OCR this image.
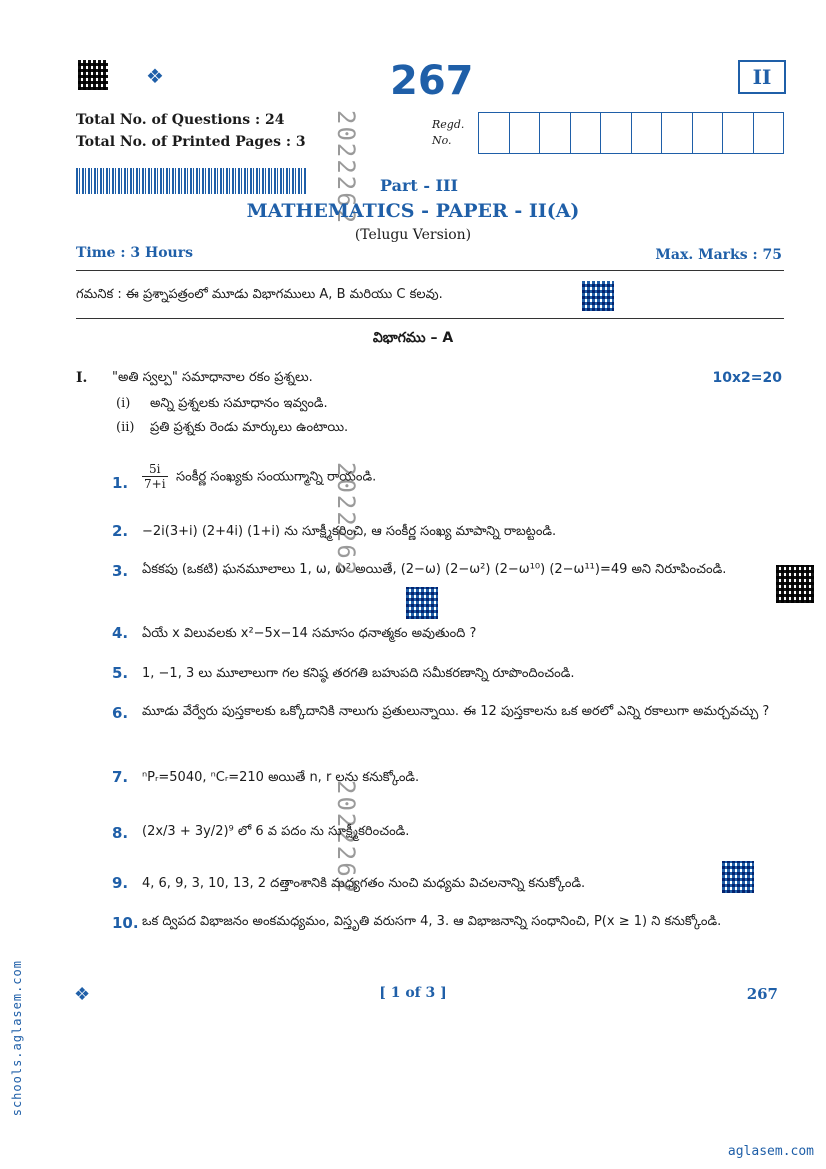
❖	267	II
Total No. of Questions : 24
Total No. of Printed Pages : 3
Regd.
No.
2022262
2022262
2022262
Part - III
MATHEMATICS - PAPER - II(A)
(Telugu Version)
Time : 3 Hours	Max. Marks : 75
గమనిక : ఈ ప్రశ్నాపత్రంలో మూడు విభాగములు A, B మరియు C కలవు.
విభాగము – A
I. "అతి స్వల్ప" సమాధానాల రకం ప్రశ్నలు.	10x2=20
(i) అన్ని ప్రశ్నలకు సమాధానం ఇవ్వండి.
(ii) ప్రతి ప్రశ్నకు రెండు మార్కులు ఉంటాయి.
1. $\frac{5i}{7+i}$ సంకీర్ణ సంఖ్యకు సంయుగ్మాన్ని రాయండి.
2. −2i(3+i) (2+4i) (1+i) ను సూక్ష్మీకరించి, ఆ సంకీర్ణ సంఖ్య మాపాన్ని రాబట్టండి.
3. ఏకకపు (ఒకటి) ఘనమూలాలు 1, ω, ω² అయితే, (2−ω) (2−ω²) (2−ω¹⁰) (2−ω¹¹)=49 అని నిరూపించండి.
4. ఏయే x విలువలకు x²−5x−14 సమాసం ధనాత్మకం అవుతుంది ?
5. 1, −1, 3 లు మూలాలుగా గల కనిష్ఠ తరగతి బహుపది సమీకరణాన్ని రూపొందించండి.
6. మూడు వేర్వేరు పుస్తకాలకు ఒక్కోదానికి నాలుగు ప్రతులున్నాయి. ఈ 12 పుస్తకాలను ఒక అరలో ఎన్ని రకాలుగా అమర్చవచ్చు ?
7. ⁿPᵣ=5040, ⁿCᵣ=210 అయితే n, r లను కనుక్కోండి.
8. (2x/3 + 3y/2)⁹ లో 6 వ పదం ను సూక్ష్మీకరించండి.
9. 4, 6, 9, 3, 10, 13, 2 దత్తాంశానికి మధ్యగతం నుంచి మధ్యమ విచలనాన్ని కనుక్కోండి.
10. ఒక ద్విపద విభాజనం అంకమధ్యమం, విస్తృతి వరుసగా 4, 3. ఆ విభాజనాన్ని సంధానించి, P(x ≥ 1) ని కనుక్కోండి.
❖	[ 1 of 3 ]	267
schools.aglasem.com
aglasem.com
